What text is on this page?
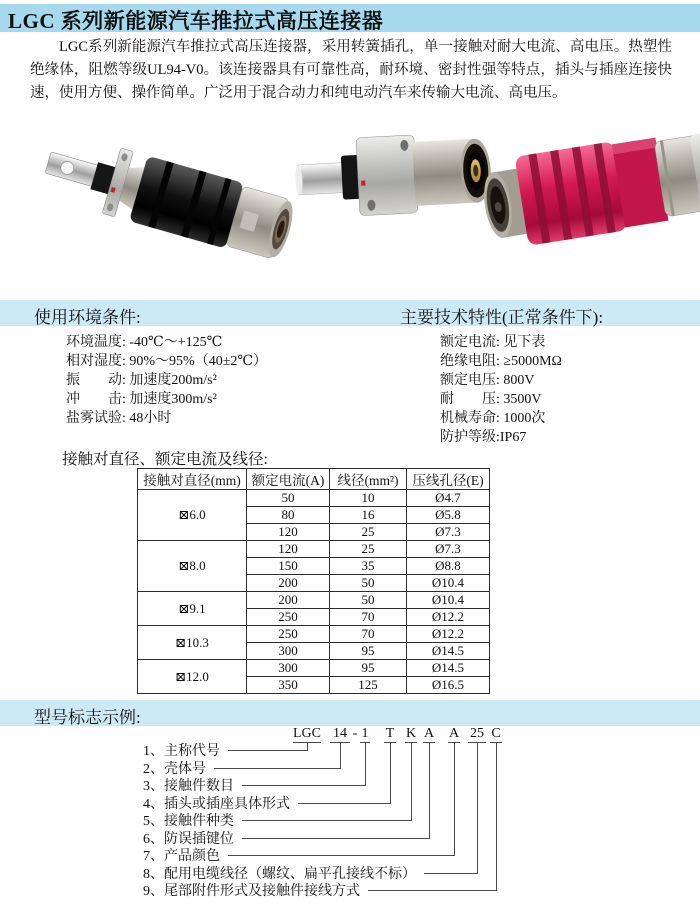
LGC 系列新能源汽车推拉式高压连接器
LGC系列新能源汽车推拉式高压连接器，采用转簧插孔，单一接触对耐大电流、高电压。热塑性绝缘体，阻燃等级UL94-V0。该连接器具有可靠性高，耐环境、密封性强等特点，插头与插座连接快速，使用方便、操作简单。广泛用于混合动力和纯电动汽车来传输大电流、高电压。
使用环境条件:	主要技术特性(正常条件下):
环境温度: -40℃～+125℃
相对湿度: 90%～95%（40±2℃）
振　　动: 加速度200m/s²
冲　　击: 加速度300m/s²
盐雾试验: 48小时
额定电流: 见下表
绝缘电阻: ≥5000MΩ
额定电压: 800V
耐　　压: 3500V
机械寿命: 1000次
防护等级:IP67
接触对直径、额定电流及线径:
接触对直径(mm)	额定电流(A)	线径(mm²)	压线孔径(E)
⊠6.0	50	10	Ø4.7
	80	16	Ø5.8
	120	25	Ø7.3
⊠8.0	120	25	Ø7.3
	150	35	Ø8.8
	200	50	Ø10.4
⊠9.1	200	50	Ø10.4
	250	70	Ø12.2
⊠10.3	250	70	Ø12.2
	300	95	Ø14.5
⊠12.0	300	95	Ø14.5
	350	125	Ø16.5
型号标志示例:
LGC 14 - 1 T K A A 25 C
1、主称代号
2、壳体号
3、接触件数目
4、插头或插座具体形式
5、接触件种类
6、防误插键位
7、产品颜色
8、配用电缆线径（螺纹、扁平孔接线不标）
9、尾部附件形式及接触件接线方式
